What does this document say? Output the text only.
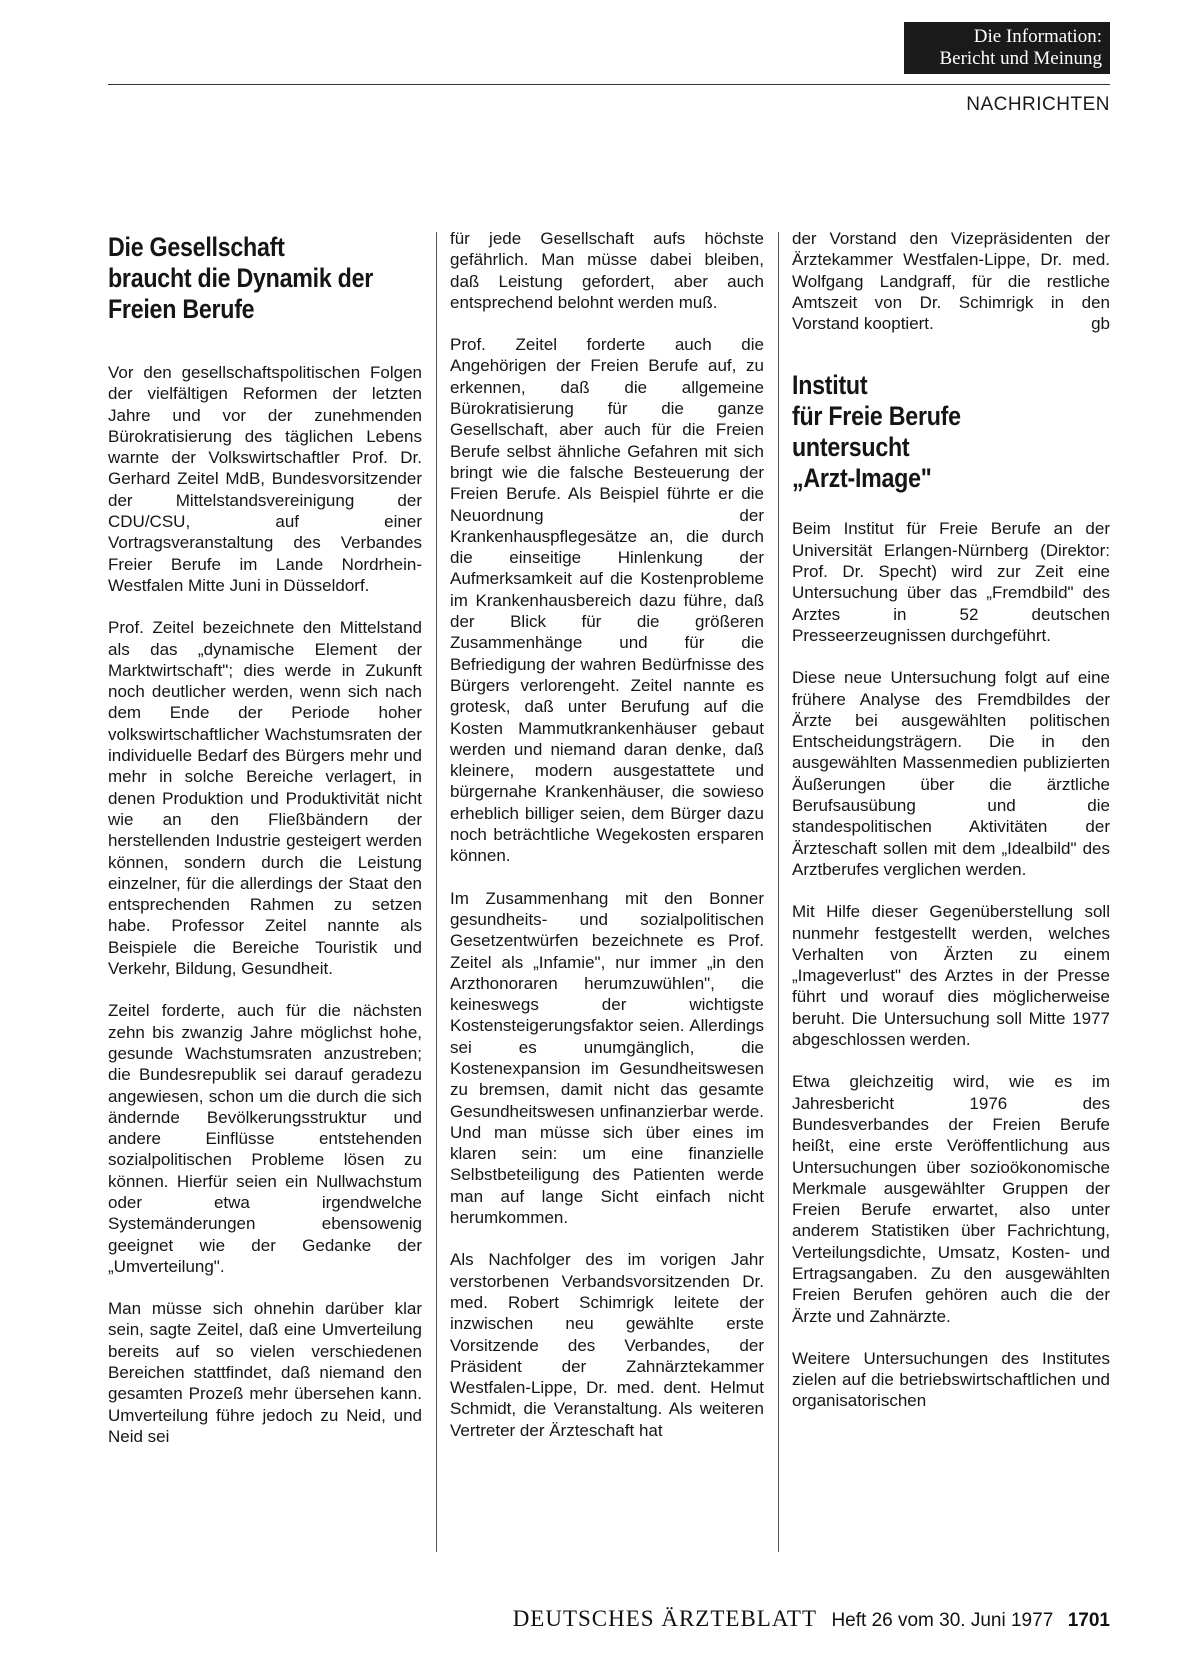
Die Information:
Bericht und Meinung
NACHRICHTEN
Die Gesellschaft
braucht die Dynamik der
Freien Berufe

Vor den gesellschaftspolitischen Folgen der vielfältigen Reformen der letzten Jahre und vor der zunehmenden Bürokratisierung des täglichen Lebens warnte der Volkswirtschaftler Prof. Dr. Gerhard Zeitel MdB, Bundesvorsitzender der Mittelstandsvereinigung der CDU/CSU, auf einer Vortragsveranstaltung des Verbandes Freier Berufe im Lande Nordrhein-Westfalen Mitte Juni in Düsseldorf.

Prof. Zeitel bezeichnete den Mittelstand als das „dynamische Element der Marktwirtschaft"; dies werde in Zukunft noch deutlicher werden, wenn sich nach dem Ende der Periode hoher volkswirtschaftlicher Wachstumsraten der individuelle Bedarf des Bürgers mehr und mehr in solche Bereiche verlagert, in denen Produktion und Produktivität nicht wie an den Fließbändern der herstellenden Industrie gesteigert werden können, sondern durch die Leistung einzelner, für die allerdings der Staat den entsprechenden Rahmen zu setzen habe. Professor Zeitel nannte als Beispiele die Bereiche Touristik und Verkehr, Bildung, Gesundheit.

Zeitel forderte, auch für die nächsten zehn bis zwanzig Jahre möglichst hohe, gesunde Wachstumsraten anzustreben; die Bundesrepublik sei darauf geradezu angewiesen, schon um die durch die sich ändernde Bevölkerungsstruktur und andere Einflüsse entstehenden sozialpolitischen Probleme lösen zu können. Hierfür seien ein Nullwachstum oder etwa irgendwelche Systemänderungen ebensowenig geeignet wie der Gedanke der „Umverteilung".

Man müsse sich ohnehin darüber klar sein, sagte Zeitel, daß eine Umverteilung bereits auf so vielen verschiedenen Bereichen stattfindet, daß niemand den gesamten Prozeß mehr übersehen kann. Umverteilung führe jedoch zu Neid, und Neid sei

für jede Gesellschaft aufs höchste gefährlich. Man müsse dabei bleiben, daß Leistung gefordert, aber auch entsprechend belohnt werden muß.

Prof. Zeitel forderte auch die Angehörigen der Freien Berufe auf, zu erkennen, daß die allgemeine Bürokratisierung für die ganze Gesellschaft, aber auch für die Freien Berufe selbst ähnliche Gefahren mit sich bringt wie die falsche Besteuerung der Freien Berufe. Als Beispiel führte er die Neuordnung der Krankenhauspflegesätze an, die durch die einseitige Hinlenkung der Aufmerksamkeit auf die Kostenprobleme im Krankenhausbereich dazu führe, daß der Blick für die größeren Zusammenhänge und für die Befriedigung der wahren Bedürfnisse des Bürgers verlorengeht. Zeitel nannte es grotesk, daß unter Berufung auf die Kosten Mammutkrankenhäuser gebaut werden und niemand daran denke, daß kleinere, modern ausgestattete und bürgernahe Krankenhäuser, die sowieso erheblich billiger seien, dem Bürger dazu noch beträchtliche Wegekosten ersparen können.

Im Zusammenhang mit den Bonner gesundheits- und sozialpolitischen Gesetzentwürfen bezeichnete es Prof. Zeitel als „Infamie", nur immer „in den Arzthonoraren herumzuwühlen", die keineswegs der wichtigste Kostensteigerungsfaktor seien. Allerdings sei es unumgänglich, die Kostenexpansion im Gesundheitswesen zu bremsen, damit nicht das gesamte Gesundheitswesen unfinanzierbar werde. Und man müsse sich über eines im klaren sein: um eine finanzielle Selbstbeteiligung des Patienten werde man auf lange Sicht einfach nicht herumkommen.

Als Nachfolger des im vorigen Jahr verstorbenen Verbandsvorsitzenden Dr. med. Robert Schimrigk leitete der inzwischen neu gewählte erste Vorsitzende des Verbandes, der Präsident der Zahnärztekammer Westfalen-Lippe, Dr. med. dent. Helmut Schmidt, die Veranstaltung. Als weiteren Vertreter der Ärzteschaft hat

der Vorstand den Vizepräsidenten der Ärztekammer Westfalen-Lippe, Dr. med. Wolfgang Landgraff, für die restliche Amtszeit von Dr. Schimrigk in den Vorstand kooptiert.	gb

Institut
für Freie Berufe
untersucht
„Arzt-Image"

Beim Institut für Freie Berufe an der Universität Erlangen-Nürnberg (Direktor: Prof. Dr. Specht) wird zur Zeit eine Untersuchung über das „Fremdbild" des Arztes in 52 deutschen Presseerzeugnissen durchgeführt.

Diese neue Untersuchung folgt auf eine frühere Analyse des Fremdbildes der Ärzte bei ausgewählten politischen Entscheidungsträgern. Die in den ausgewählten Massenmedien publizierten Äußerungen über die ärztliche Berufsausübung und die standespolitischen Aktivitäten der Ärzteschaft sollen mit dem „Idealbild" des Arztberufes verglichen werden.

Mit Hilfe dieser Gegenüberstellung soll nunmehr festgestellt werden, welches Verhalten von Ärzten zu einem „Imageverlust" des Arztes in der Presse führt und worauf dies möglicherweise beruht. Die Untersuchung soll Mitte 1977 abgeschlossen werden.

Etwa gleichzeitig wird, wie es im Jahresbericht 1976 des Bundesverbandes der Freien Berufe heißt, eine erste Veröffentlichung aus Untersuchungen über sozioökonomische Merkmale ausgewählter Gruppen der Freien Berufe erwartet, also unter anderem Statistiken über Fachrichtung, Verteilungsdichte, Umsatz, Kosten- und Ertragsangaben. Zu den ausgewählten Freien Berufen gehören auch die der Ärzte und Zahnärzte.

Weitere Untersuchungen des Institutes zielen auf die betriebswirtschaftlichen und organisatorischen

DEUTSCHES ÄRZTEBLATT Heft 26 vom 30. Juni 1977 1701
